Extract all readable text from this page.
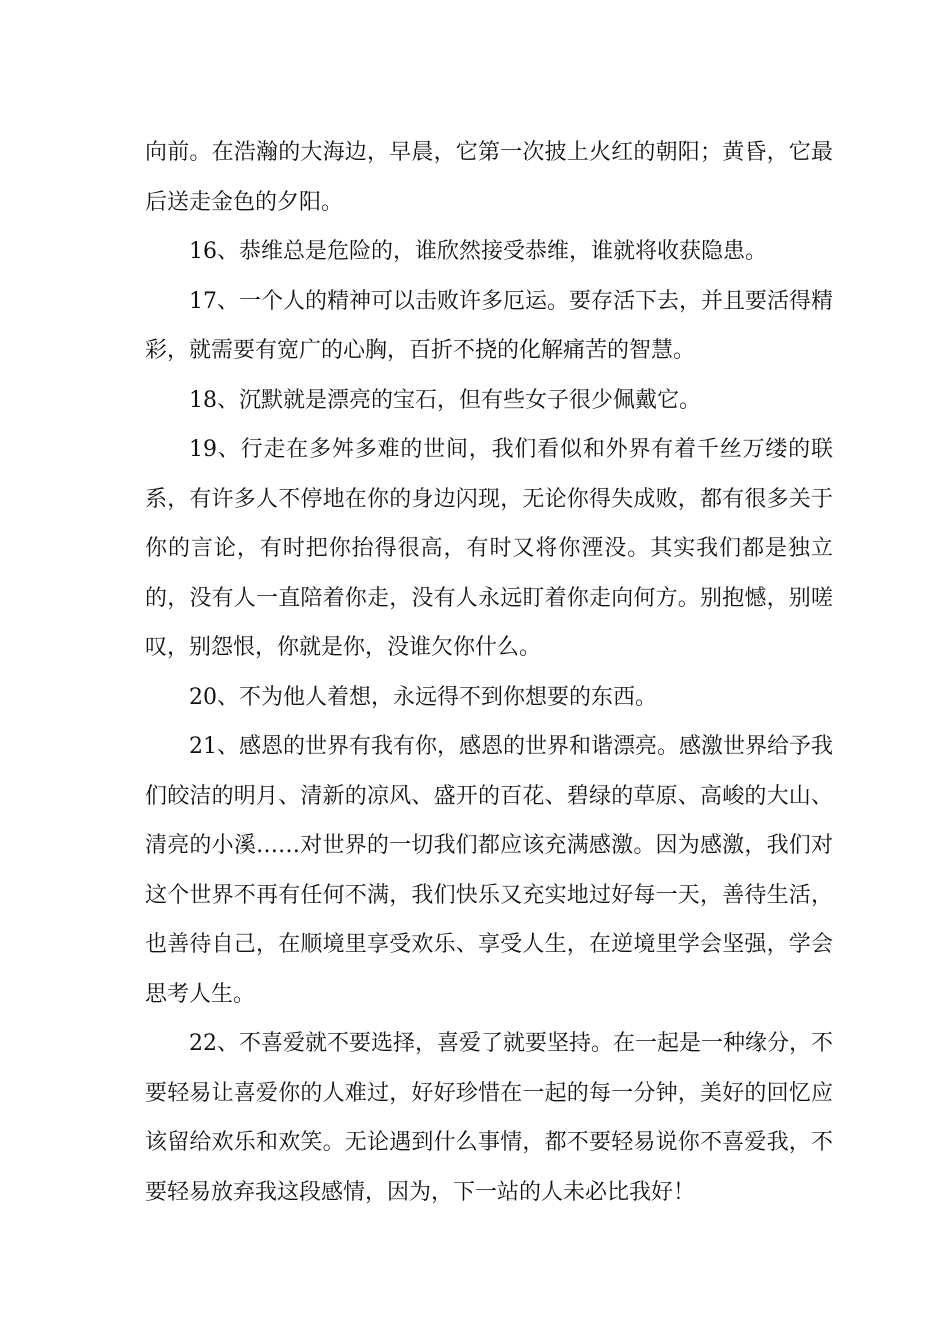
向前。在浩瀚的大海边，早晨，它第一次披上火红的朝阳；黄昏，它最后送走金色的夕阳。

16、恭维总是危险的，谁欣然接受恭维，谁就将收获隐患。

17、一个人的精神可以击败许多厄运。要存活下去，并且要活得精彩，就需要有宽广的心胸，百折不挠的化解痛苦的智慧。

18、沉默就是漂亮的宝石，但有些女子很少佩戴它。

19、行走在多舛多难的世间，我们看似和外界有着千丝万缕的联系，有许多人不停地在你的身边闪现，无论你得失成败，都有很多关于你的言论，有时把你抬得很高，有时又将你湮没。其实我们都是独立的，没有人一直陪着你走，没有人永远盯着你走向何方。别抱憾，别嗟叹，别怨恨，你就是你，没谁欠你什么。

20、不为他人着想，永远得不到你想要的东西。

21、感恩的世界有我有你，感恩的世界和谐漂亮。感激世界给予我们皎洁的明月、清新的凉风、盛开的百花、碧绿的草原、高峻的大山、清亮的小溪……对世界的一切我们都应该充满感激。因为感激，我们对这个世界不再有任何不满，我们快乐又充实地过好每一天，善待生活，也善待自己，在顺境里享受欢乐、享受人生，在逆境里学会坚强，学会思考人生。

22、不喜爱就不要选择，喜爱了就要坚持。在一起是一种缘分，不要轻易让喜爱你的人难过，好好珍惜在一起的每一分钟，美好的回忆应该留给欢乐和欢笑。无论遇到什么事情，都不要轻易说你不喜爱我，不要轻易放弃我这段感情，因为，下一站的人未必比我好！
